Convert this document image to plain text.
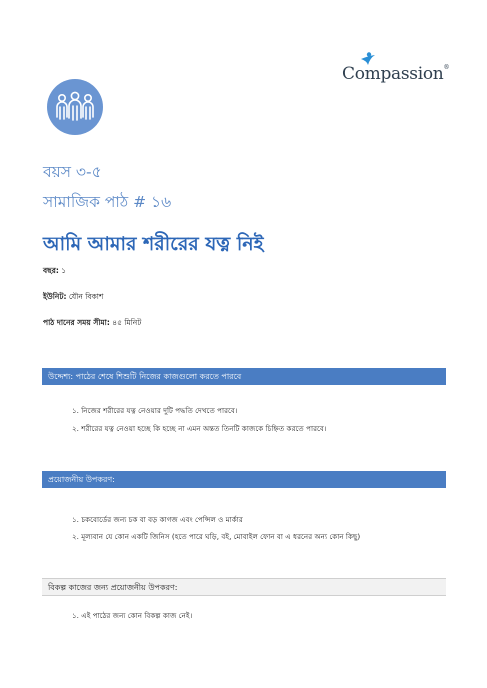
Compassion®
বয়স ৩-৫
সামাজিক পাঠ # ১৬
আমি আমার শরীরের যত্ন নিই
বছর: ১
ইউনিট: যৌন বিকাশ
পাঠ দানের সময় সীমা: ৪৫ মিনিট
উদ্দেশ্য: পাঠের শেষে শিশুটি নিজের কাজগুলো করতে পারবে
১. নিজের শরীরের যত্ন নেওয়ার দুটি পদ্ধতি দেখতে পারবে।
২. শরীরের যত্ন নেওয়া হচ্ছে কি হচ্ছে না এমন অন্তত তিনটি কাজকে চিহ্নিত করতে পারবে।
প্রয়োজনীয় উপকরণ:
১. চকবোর্ডের জন্য চক বা বড় কাগজ এবং পেন্সিল ও মার্কার
২. মূল্যবান যে কোন একটি জিনিস (হতে পারে ঘড়ি, বই, মোবাইল ফোন বা এ ধরনের অন্য কোন কিছু)
বিকল্প কাজের জন্য প্রয়োজনীয় উপকরণ:
১. এই পাঠের জন্য কোন বিকল্প কাজ নেই।
